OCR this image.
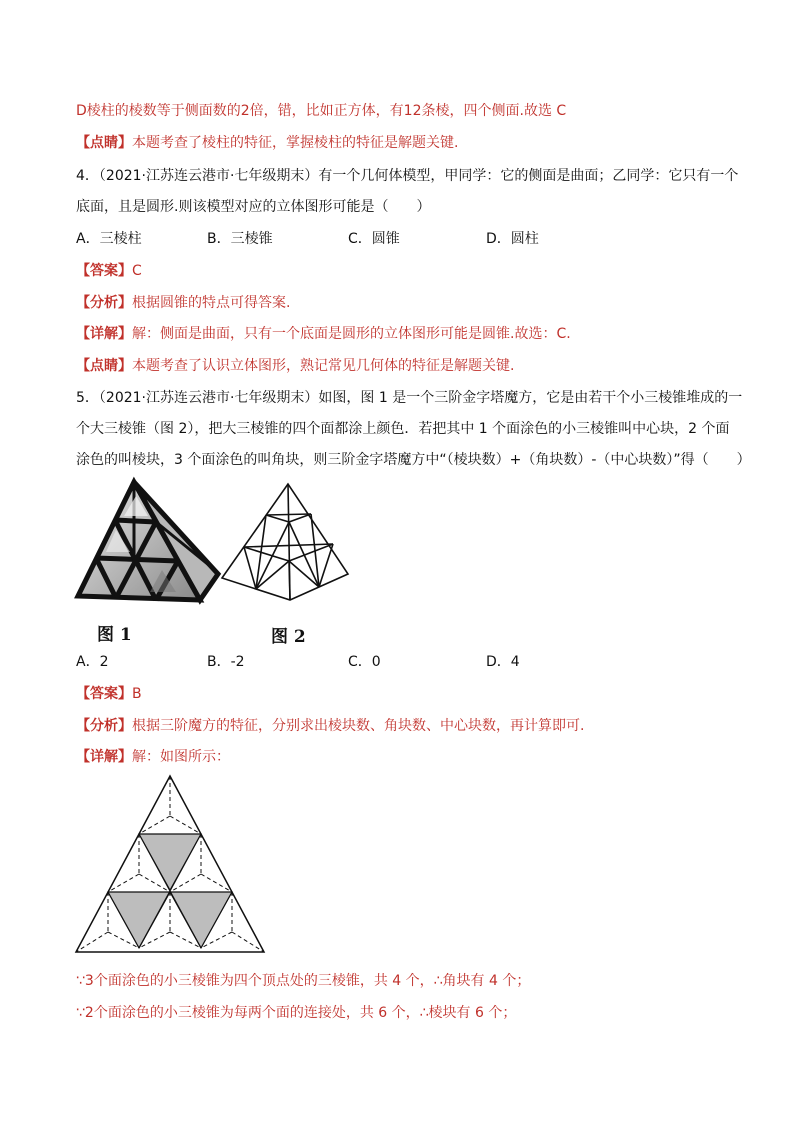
D棱柱的棱数等于侧面数的2倍，错，比如正方体，有12条棱，四个侧面.故选 C
【点睛】本题考查了棱柱的特征，掌握棱柱的特征是解题关键.
4．（2021·江苏连云港市·七年级期末）有一个几何体模型，甲同学：它的侧面是曲面；乙同学：它只有一个
底面，且是圆形.则该模型对应的立体图形可能是（　　）
A．三棱柱	B．三棱锥	C．圆锥	D．圆柱
【答案】C
【分析】根据圆锥的特点可得答案.
【详解】解：侧面是曲面，只有一个底面是圆形的立体图形可能是圆锥.故选：C.
【点睛】本题考查了认识立体图形，熟记常见几何体的特征是解题关键.
5．（2021·江苏连云港市·七年级期末）如图，图 1 是一个三阶金字塔魔方，它是由若干个小三棱锥堆成的一
个大三棱锥（图 2），把大三棱锥的四个面都涂上颜色．若把其中 1 个面涂色的小三棱锥叫中心块，2 个面
涂色的叫棱块，3 个面涂色的叫角块，则三阶金字塔魔方中“（棱块数）+（角块数）-（中心块数）”得（　　）
图 1	图 2
A．2	B．-2	C．0	D．4
【答案】B
【分析】根据三阶魔方的特征，分别求出棱块数、角块数、中心块数，再计算即可.
【详解】解：如图所示：
∵3个面涂色的小三棱锥为四个顶点处的三棱锥，共 4 个，∴角块有 4 个；
∵2个面涂色的小三棱锥为每两个面的连接处，共 6 个，∴棱块有 6 个；
